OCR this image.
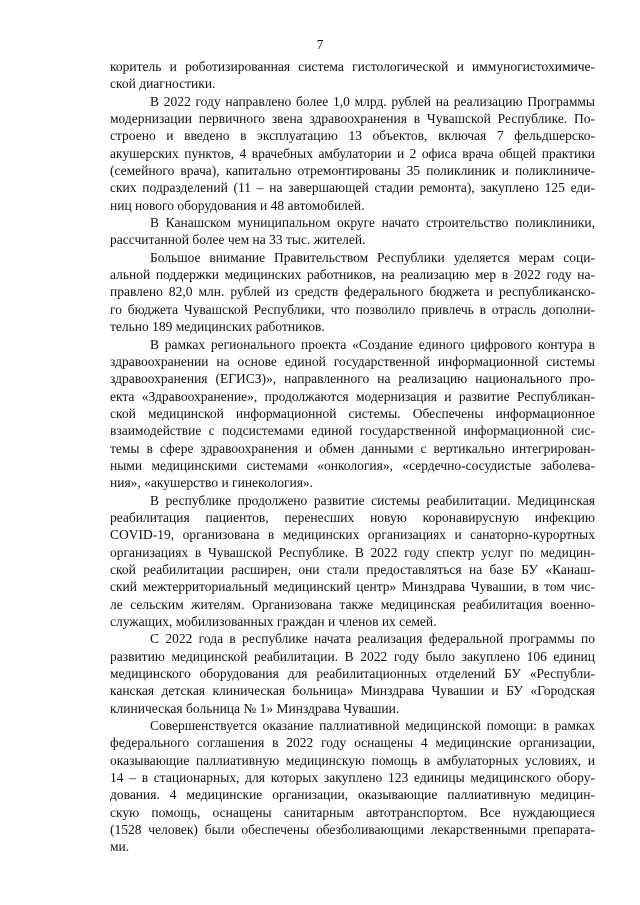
7
коритель и роботизированная система гистологической и иммуногистохимиче-
ской диагностики.
В 2022 году направлено более 1,0 млрд. рублей на реализацию Программы
модернизации первичного звена здравоохранения в Чувашской Республике. По-
строено и введено в эксплуатацию 13 объектов, включая 7 фельдшерско-
акушерских пунктов, 4 врачебных амбулатории и 2 офиса врача общей практики
(семейного врача), капитально отремонтированы 35 поликлиник и поликлиниче-
ских подразделений (11 – на завершающей стадии ремонта), закуплено 125 еди-
ниц нового оборудования и 48 автомобилей.
В Канашском муниципальном округе начато строительство поликлиники,
рассчитанной более чем на 33 тыс. жителей.
Большое внимание Правительством Республики уделяется мерам соци-
альной поддержки медицинских работников, на реализацию мер в 2022 году на-
правлено 82,0 млн. рублей из средств федерального бюджета и республиканско-
го бюджета Чувашской Республики, что позволило привлечь в отрасль дополни-
тельно 189 медицинских работников.
В рамках регионального проекта «Создание единого цифрового контура в
здравоохранении на основе единой государственной информационной системы
здравоохранения (ЕГИСЗ)», направленного на реализацию национального про-
екта «Здравоохранение», продолжаются модернизация и развитие Республикан-
ской медицинской информационной системы. Обеспечены информационное
взаимодействие с подсистемами единой государственной информационной сис-
темы в сфере здравоохранения и обмен данными с вертикально интегрирован-
ными медицинскими системами «онкология», «сердечно-сосудистые заболева-
ния», «акушерство и гинекология».
В республике продолжено развитие системы реабилитации. Медицинская
реабилитация пациентов, перенесших новую коронавирусную инфекцию
COVID-19, организована в медицинских организациях и санаторно-курортных
организациях в Чувашской Республике. В 2022 году спектр услуг по медицин-
ской реабилитации расширен, они стали предоставляться на базе БУ «Канаш-
ский межтерриториальный медицинский центр» Минздрава Чувашии, в том чис-
ле сельским жителям. Организована также медицинская реабилитация военно-
служащих, мобилизованных граждан и членов их семей.
С 2022 года в республике начата реализация федеральной программы по
развитию медицинской реабилитации. В 2022 году было закуплено 106 единиц
медицинского оборудования для реабилитационных отделений БУ «Республи-
канская детская клиническая больница» Минздрава Чувашии и БУ «Городская
клиническая больница № 1» Минздрава Чувашии.
Совершенствуется оказание паллиативной медицинской помощи: в рамках
федерального соглашения в 2022 году оснащены 4 медицинские организации,
оказывающие паллиативную медицинскую помощь в амбулаторных условиях, и
14 – в стационарных, для которых закуплено 123 единицы медицинского обору-
дования. 4 медицинские организации, оказывающие паллиативную медицин-
скую помощь, оснащены санитарным автотранспортом. Все нуждающиеся
(1528 человек) были обеспечены обезболивающими лекарственными препарата-
ми.
